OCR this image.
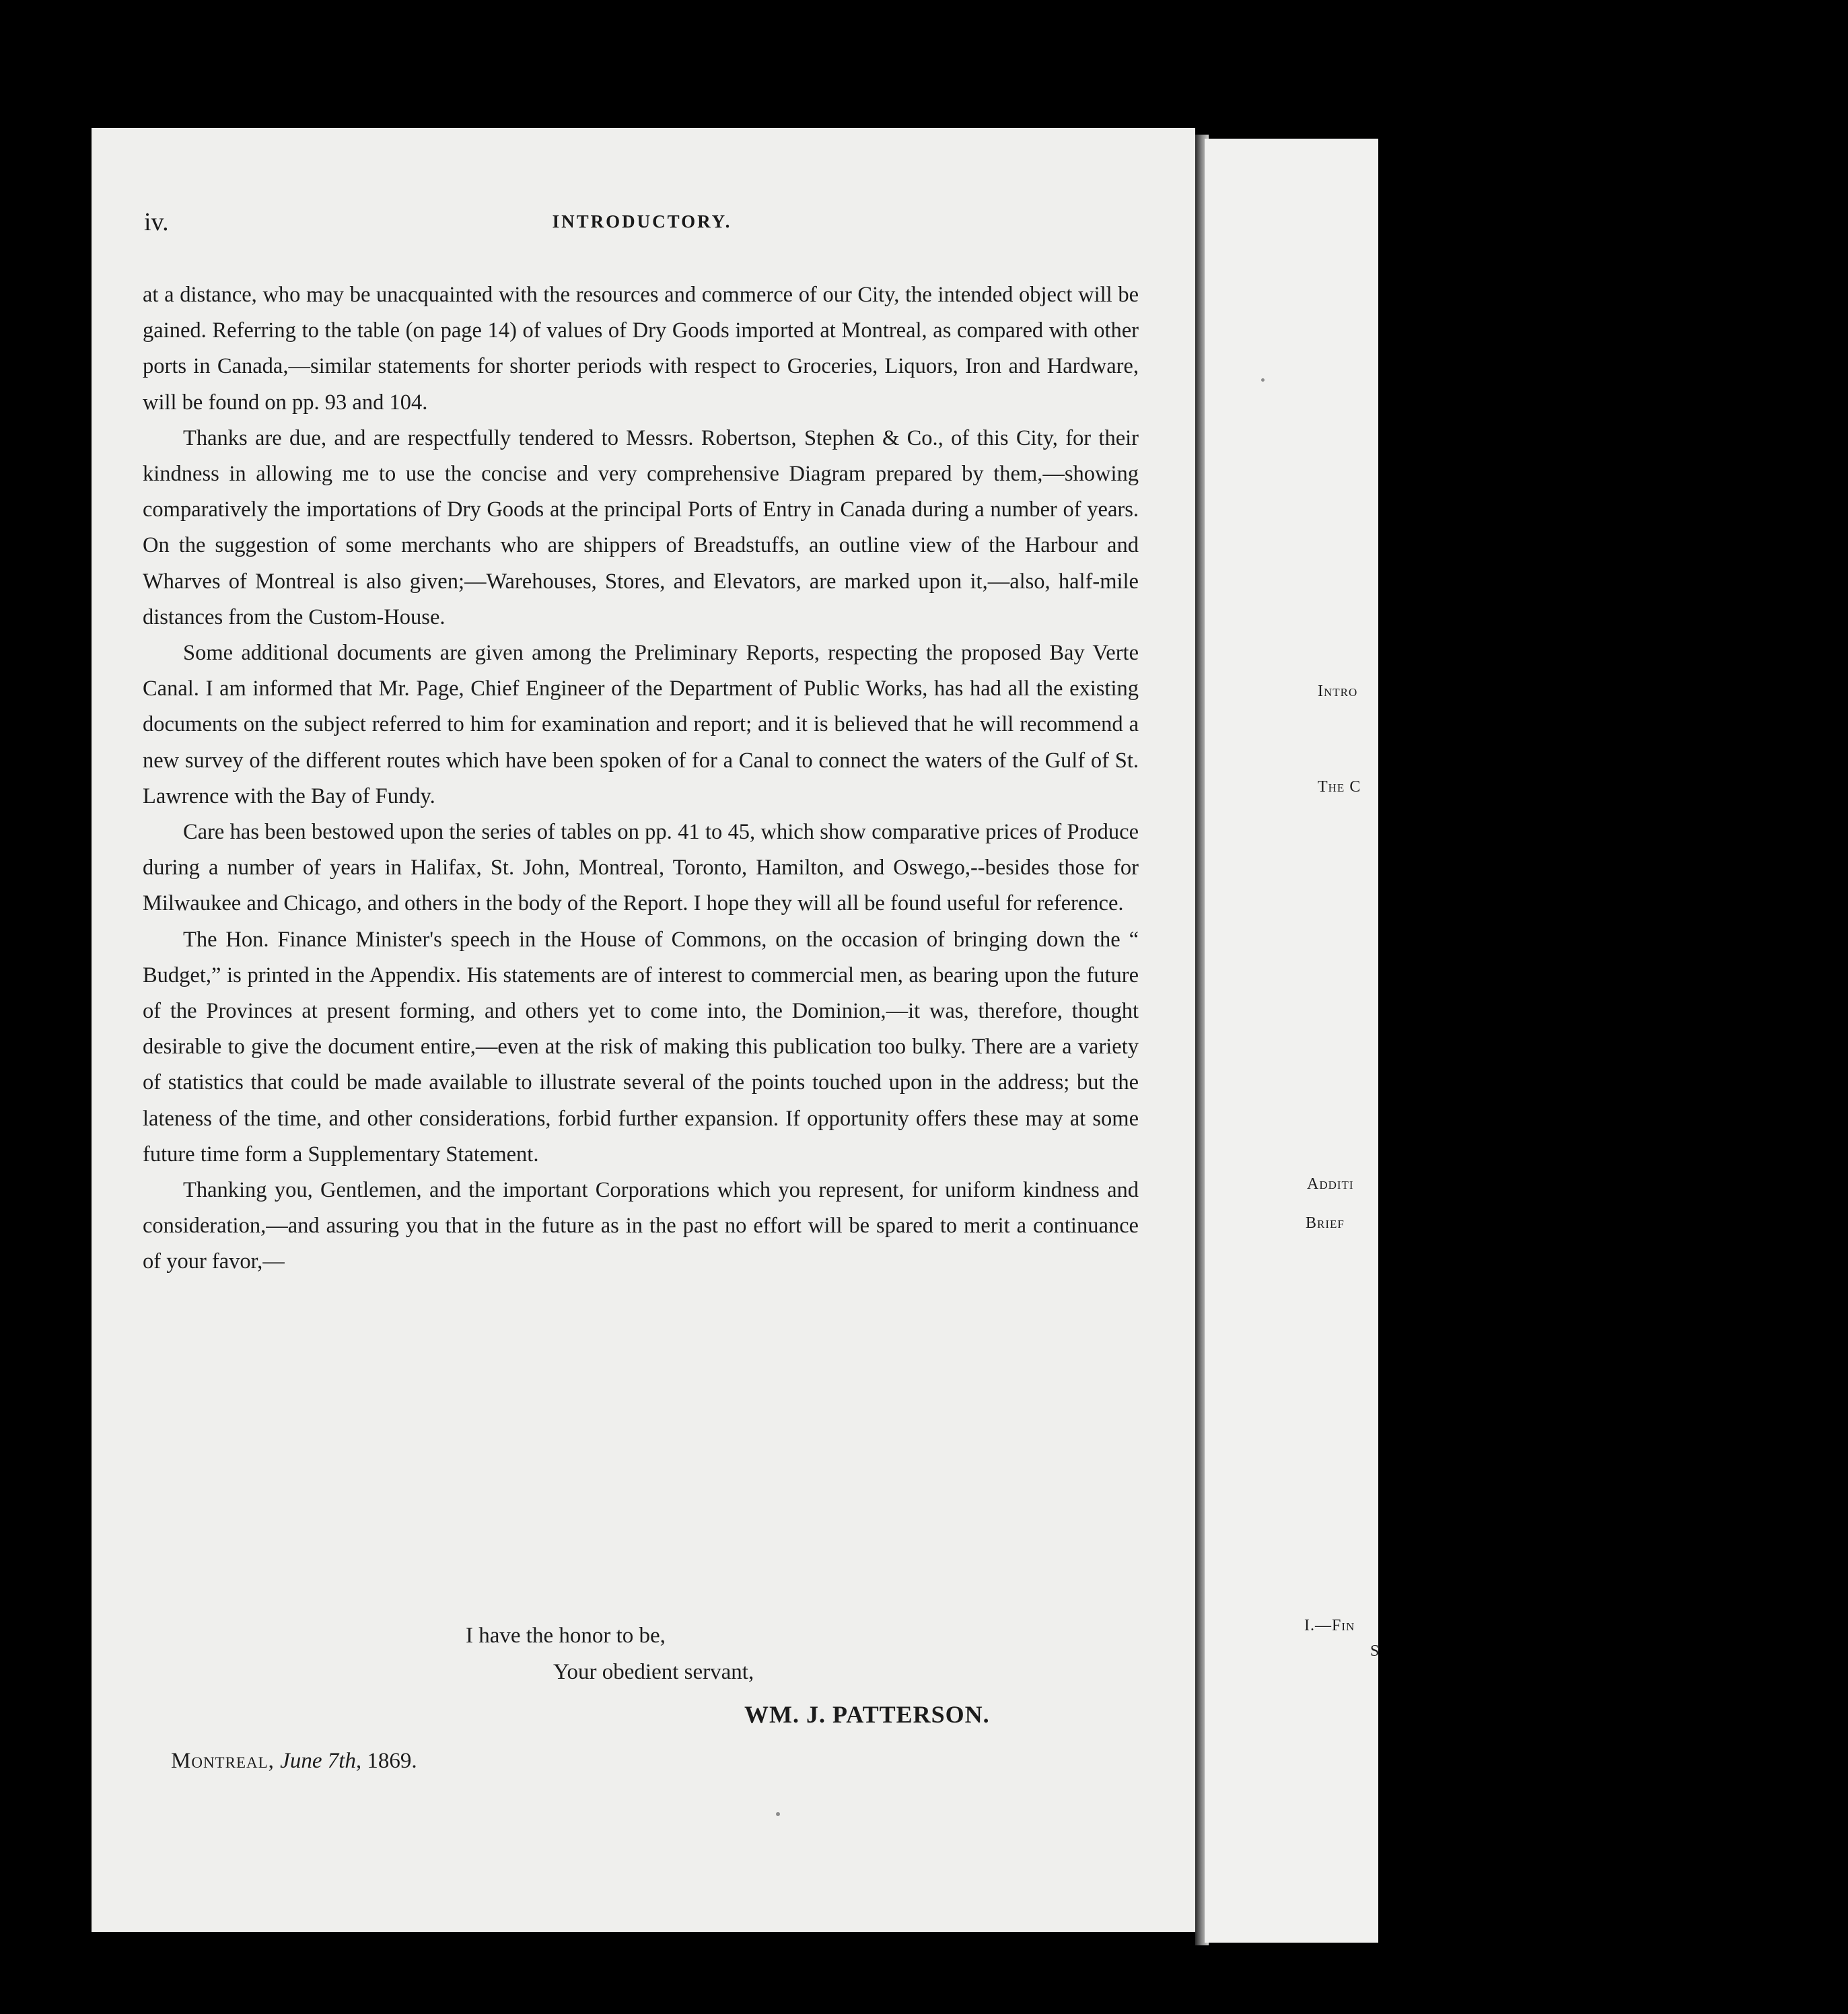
Intro
The C
Additi
Brief
I.—Fin
S
iv.	INTRODUCTORY.

at a distance, who may be unacquainted with the resources and commerce of our City, the intended object will be gained. Referring to the table (on page 14) of values of Dry Goods imported at Montreal, as compared with other ports in Canada,—similar statements for shorter periods with respect to Groceries, Liquors, Iron and Hardware, will be found on pp. 93 and 104.

Thanks are due, and are respectfully tendered to Messrs. Robertson, Stephen & Co., of this City, for their kindness in allowing me to use the concise and very comprehensive Diagram prepared by them,—showing comparatively the importations of Dry Goods at the principal Ports of Entry in Canada during a number of years. On the suggestion of some merchants who are shippers of Breadstuffs, an outline view of the Harbour and Wharves of Montreal is also given;—Warehouses, Stores, and Elevators, are marked upon it,—also, half-mile distances from the Custom-House.

Some additional documents are given among the Preliminary Reports, respecting the proposed Bay Verte Canal. I am informed that Mr. Page, Chief Engineer of the Department of Public Works, has had all the existing documents on the subject referred to him for examination and report; and it is believed that he will recommend a new survey of the different routes which have been spoken of for a Canal to connect the waters of the Gulf of St. Lawrence with the Bay of Fundy.

Care has been bestowed upon the series of tables on pp. 41 to 45, which show comparative prices of Produce during a number of years in Halifax, St. John, Montreal, Toronto, Hamilton, and Oswego,--besides those for Milwaukee and Chicago, and others in the body of the Report. I hope they will all be found useful for reference.

The Hon. Finance Minister's speech in the House of Commons, on the occasion of bringing down the “ Budget,” is printed in the Appendix. His statements are of interest to commercial men, as bearing upon the future of the Provinces at present forming, and others yet to come into, the Dominion,—it was, therefore, thought desirable to give the document entire,—even at the risk of making this publication too bulky. There are a variety of statistics that could be made available to illustrate several of the points touched upon in the address; but the lateness of the time, and other considerations, forbid further expansion. If opportunity offers these may at some future time form a Supplementary Statement.

Thanking you, Gentlemen, and the important Corporations which you represent, for uniform kindness and consideration,—and assuring you that in the future as in the past no effort will be spared to merit a continuance of your favor,—

I have the honor to be,
Your obedient servant,
WM. J. PATTERSON.
Montreal, June 7th, 1869.
